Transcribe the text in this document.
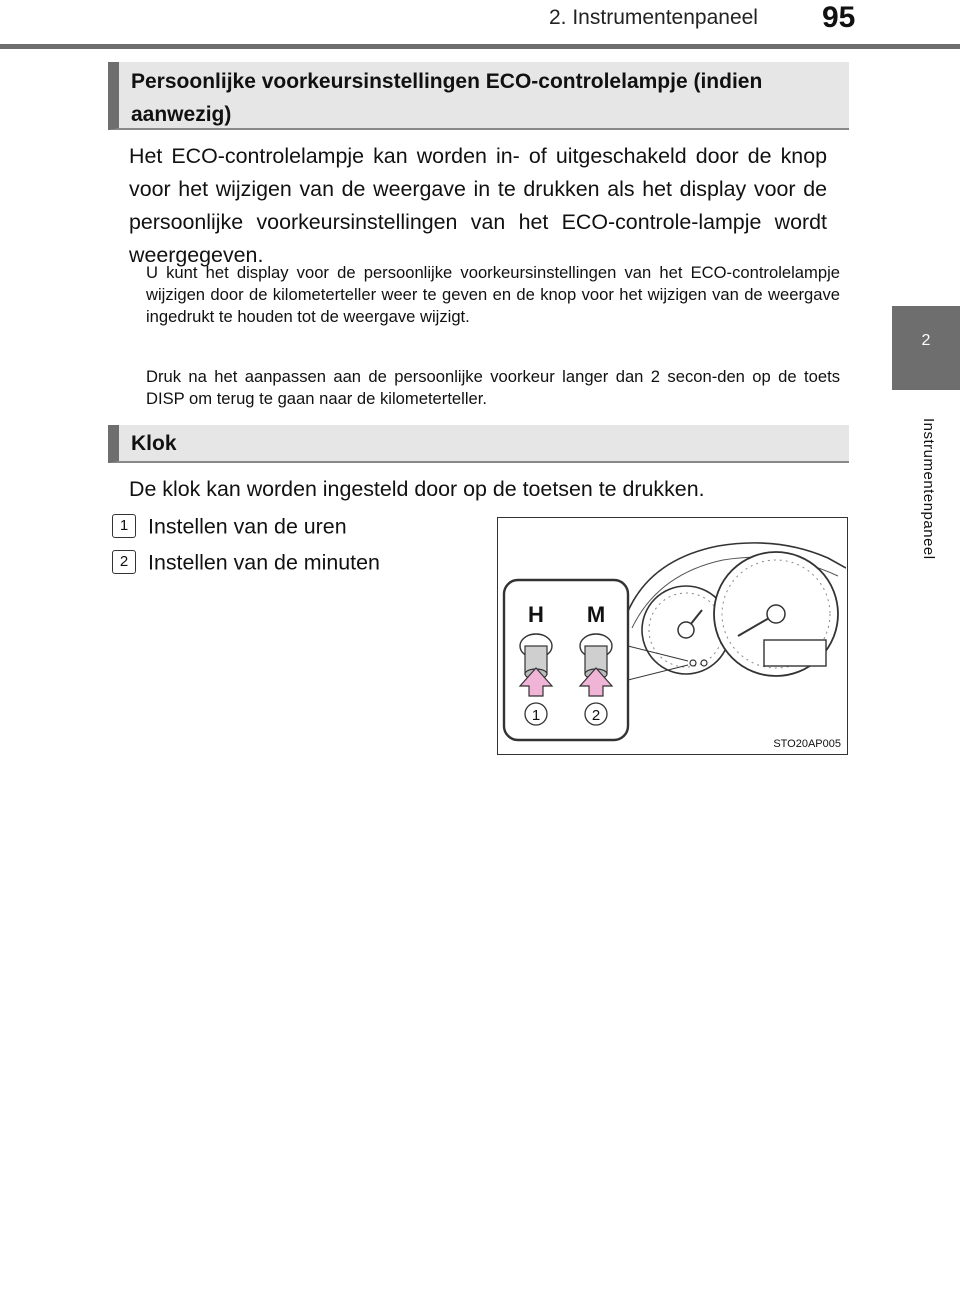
2. Instrumentenpaneel 95
2
Instrumentenpaneel
Persoonlijke voorkeursinstellingen ECO-controlelampje (indien aanwezig)

Het ECO-controlelampje kan worden in- of uitgeschakeld door de knop voor het wijzigen van de weergave in te drukken als het display voor de persoonlijke voorkeursinstellingen van het ECO-controle-lampje wordt weergegeven.

U kunt het display voor de persoonlijke voorkeursinstellingen van het ECO-controlelampje wijzigen door de kilometerteller weer te geven en de knop voor het wijzigen van de weergave ingedrukt te houden tot de weergave wijzigt.

Druk na het aanpassen aan de persoonlijke voorkeur langer dan 2 secon-den op de toets DISP om terug te gaan naar de kilometerteller.

Klok

De klok kan worden ingesteld door op de toetsen te drukken.

1 Instellen van de uren
2 Instellen van de minuten
H M
1	2
STO20AP005
